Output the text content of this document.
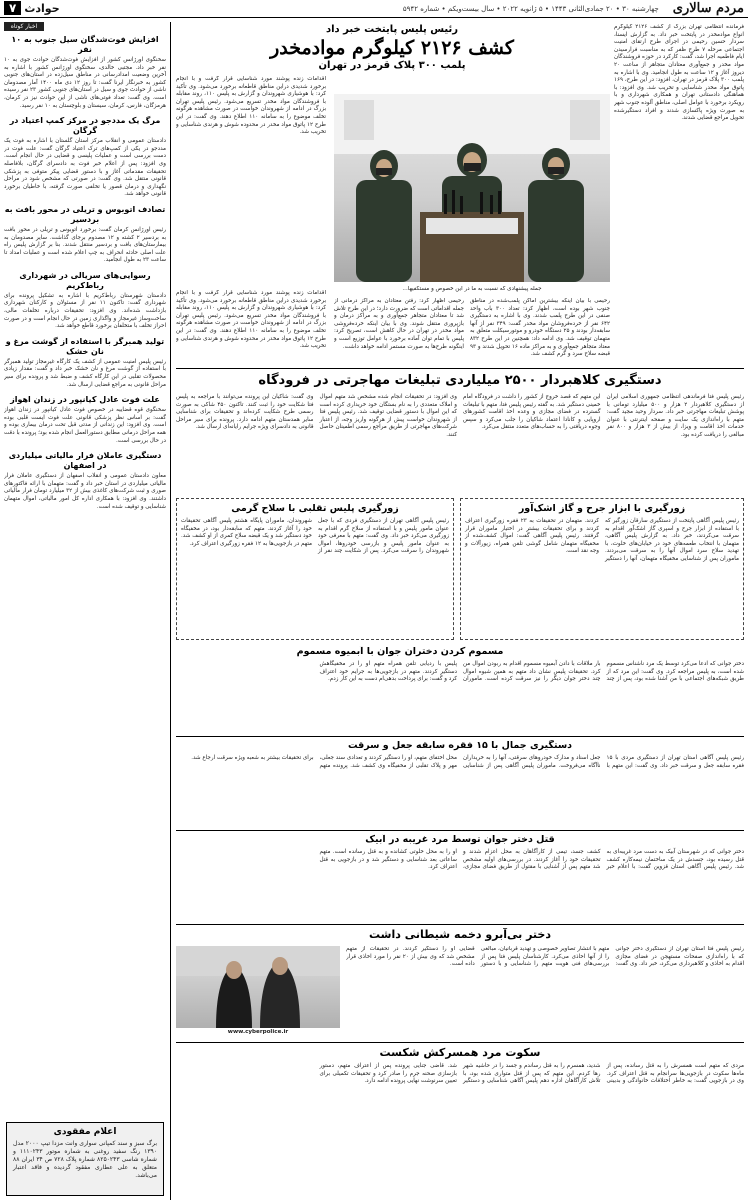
مردم سالاری
چهارشنبه ۳۰ • ۲۰ جمادی‌الثانی ۱۴۴۳ • ۵ ژانویه ۲۰۲۲ • سال بیست‌ویکم • شماره ۵۹۴۲
حوادث
۷
اخبار کوتاه
افزایش فوت‌شدگان سیل جنوب به ۱۰ نفر
سخنگوی اورژانس کشور از افزایش فوت‌شدگان حوادث جوی به ۱۰ نفر خبر داد. مجتبی خالدی، سخنگوی اورژانس کشور با اشاره به آخرین وضعیت امدادرسانی در مناطق سیل‌زده در استان‌های جنوبی کشور به خبرنگار ایرنا گفت: تا روز ۱۲ دی ماه ۱۴۰۰ آمار مصدومان ناشی از حوادث جوی و سیل در استان‌های جنوبی کشور ۲۳ نفر رسیده است. وی گفت: تعداد فوتی‌های ناشی از این حوادث نیز در کرمان، هرمزگان، فارس، کرمان، سیستان و بلوچستان به ۱۰ نفر رسید.
مرگ یک مددجو در مرکز کمپ اعتیاد در گرگان
دادستان عمومی و انقلاب مرکز استان گلستان با اشاره به فوت یک مددجو در یکی از کمپ‌های ترک اعتیاد گرگان گفت: علت فوت در دست بررسی است و عملیات پلیسی و قضایی در حال انجام است. وی افزود: پس از اعلام خبر فوت به دادسرای گرگان، بلافاصله تحقیقات مقدماتی آغاز و با دستور قضایی پیکر متوفی به پزشکی قانونی منتقل شد. وی گفت: در صورتی که مشخص شود در مراحل نگهداری و درمان قصور یا تخلفی صورت گرفته، با خاطیان برخورد قانونی خواهد شد.
تصادف اتوبوس و تریلی در محور بافت به بردسیر
رئیس اورژانس کرمان گفت: برخورد اتوبوس و تریلی در محور بافت به بردسیر ۲ کشته و ۱۲ مصدوم برجای گذاشت. سایر مصدومان به بیمارستان‌های بافت و بردسیر منتقل شدند. بنا بر گزارش پلیس راه علت اصلی حادثه انحراف به چپ اعلام شده است و عملیات امداد تا ساعت ۲۳ به طول انجامید.
رسوایی‌های سریالی در شهرداری رباط‌کریم
دادستان شهرستان رباط‌کریم با اشاره به تشکیل پرونده برای شهرداری گفت: تاکنون ۱۱ نفر از مسئولان و کارکنان شهرداری بازداشت شده‌اند. وی افزود: تحقیقات درباره تخلفات مالی، ساخت‌وساز غیرمجاز و واگذاری زمین در حال انجام است و در صورت احراز تخلف با متخلفان برخورد قاطع خواهد شد.
تولید همبرگر با استفاده از گوشت مرغ و نان خشک
رئیس پلیس امنیت عمومی از کشف یک کارگاه غیرمجاز تولید همبرگر با استفاده از گوشت مرغ و نان خشک خبر داد و گفت: مقدار زیادی محصولات تقلبی در این کارگاه کشف و ضبط شد و پرونده برای سیر مراحل قانونی به مراجع قضایی ارسال شد.
علت فوت عادل کیانپور در زندان اهواز
سخنگوی قوه قضاییه در خصوص فوت عادل کیانپور در زندان اهواز گفت: بر اساس نظر پزشکی قانونی علت فوت ایست قلبی بوده است. وی افزود: این زندانی از مدتی قبل تحت درمان بیماری بوده و همه مراحل درمانی مطابق دستورالعمل انجام شده بود؛ پرونده با دقت در حال بررسی است.
دستگیری عاملان فرار مالیاتی میلیاردی در اصفهان
معاون دادستان عمومی و انقلاب اصفهان از دستگیری عاملان فرار مالیاتی میلیاردی در استان خبر داد و گفت: متهمان با ارائه فاکتورهای صوری و ثبت شرکت‌های کاغذی بیش از ۳۲ میلیارد تومان فرار مالیاتی داشتند. وی افزود: با همکاری اداره کل امور مالیاتی، اموال متهمان شناسایی و توقیف شده است.
اعلام مفقودی
برگ سبز و سند کمپانی سواری وانت مزدا تیپ ۲۰۰۰ مدل ۱۳۹۰ رنگ سفید روغنی به شماره موتور ۱۱۱۰۲۴۳ و شماره شاسی ۸۲۵۰۲۴۳ شماره پلاک ۷۲۸ ص ۳۴ ایران ۸۸ متعلق به علی عطاری مفقود گردیده و فاقد اعتبار می‌باشد.
فرمانده انتظامی تهران بزرگ از کشف ۲۱۲۶ کیلوگرم انواع موادمخدر در پایتخت خبر داد. به گزارش ایسنا، سردار حسین رحیمی در اجرای طرح ارتقای امنیت اجتماعی مرحله ۷ طرح ظفر که به مناسبت فرارسیدن ایام فاطمیه اجرا شد، گفت: کارکرد در حوزه فروشندگان مواد مخدر و جمع‌آوری معتادان متجاهر از ساعت ۲۰ دیروز آغاز و ۱۲ ساعت به طول انجامید. وی با اشاره به پلمب ۳۰۰ پلاک قرمز در تهران، افزود: در این طرح، ۱۶۹ پاتوق مواد مخدر شناسایی و تخریب شد. وی افزود: با هماهنگی دادستانی تهران و همکاری شهرداری و با رویکرد برخورد با عوامل اصلی، مناطق آلوده جنوب شهر به صورت ویژه پاکسازی شدند و افراد دستگیرشده تحویل مراجع قضایی شدند.
رئیس پلیس پایتخت خبر داد
کشف ۲۱۲۶ کیلوگرم موادمخدر
پلمب ۳۰۰ پلاک قرمز در تهران
اقدامات زنده پوشند مورد شناسایی قرار گرفت و با انجام برخورد شدیدی دراین مناطق قاطعانه برخورد می‌شود. وی تأکید کرد: با هوشیاری شهروندان و گزارش به پلیس ۱۱۰، روند مقابله با فروشندگان مواد مخدر تسریع می‌شود. رئیس پلیس تهران بزرگ در ادامه از شهروندان خواست در صورت مشاهده هرگونه تخلف موضوع را به سامانه ۱۱۰ اطلاع دهند. وی گفت: در این طرح ۱۲ پاتوق مواد مخدر در محدوده شوش و هرندی شناسایی و تخریب شد.
جمله پیشنهادی که نسبت به ما در این خصوص و مستکفیها...
رحیمی با بیان اینکه بیشترین اماکن پلمب‌شده در مناطق جنوب شهر بوده است، اظهار کرد: تعداد ۳۰۰ باب واحد صنفی در این طرح پلمب شدند. وی با اشاره به دستگیری ۶۴۲ نفر از خرده‌فروشان مواد مخدر گفت: ۳۴۹ نفر از آنها سابقه‌دار بودند و ۲۵ دستگاه خودرو و موتورسیکلت متعلق به متهمان توقیف شد. وی ادامه داد: همچنین در این طرح ۸۳۲ معتاد متجاهر جمع‌آوری و به مراکز ماده ۱۶ تحویل شدند و ۹۳ قبضه سلاح سرد و گرم کشف شد.
رحیمی اظهار کرد: رفتن معتادان به مراکز درمانی از جمله اقداماتی است که ضرورت دارد؛ در این طرح تلاش شد تا معتادان متجاهر جمع‌آوری و به مراکز درمان و بازپروری منتقل شوند. وی با بیان اینکه خرده‌فروشی مواد مخدر در تهران در حال کاهش است، تصریح کرد: پلیس با تمام توان آماده برخورد با عوامل توزیع است و اینگونه طرح‌ها به صورت مستمر ادامه خواهد داشت.
اقدامات زنده پوشند مورد شناسایی قرار گرفت و با انجام برخورد شدیدی دراین مناطق قاطعانه برخورد می‌شود. وی تأکید کرد: با هوشیاری شهروندان و گزارش به پلیس ۱۱۰، روند مقابله با فروشندگان مواد مخدر تسریع می‌شود. رئیس پلیس تهران بزرگ در ادامه از شهروندان خواست در صورت مشاهده هرگونه تخلف موضوع را به سامانه ۱۱۰ اطلاع دهند. وی گفت: در این طرح ۱۲ پاتوق مواد مخدر در محدوده شوش و هرندی شناسایی و تخریب شد.
دستگیری کلاهبردار ۲۵۰۰ میلیاردی تبلیغات مهاجرتی در فرودگاه
رئیس پلیس فتا فرماندهی انتظامی جمهوری اسلامی ایران از دستگیری کلاهبردار ۲ هزار و ۵۰۰ میلیارد تومانی با پوشش تبلیغات مهاجرتی خبر داد. سردار وحید مجید گفت: متهم با راه‌اندازی یک سایت و صفحه اینترنتی با عنوان خدمات اخذ اقامت و ویزا، از بیش از ۳ هزار و ۸۰۰ نفر مبالغی را دریافت کرده بود.
این متهم که قصد خروج از کشور را داشت در فرودگاه امام خمینی دستگیر شد. به گفته رئیس پلیس فتا، متهم با تبلیغات گسترده در فضای مجازی و وعده اخذ اقامت کشورهای اروپایی و کانادا اعتماد شاکیان را جلب می‌کرد و سپس وجوه دریافتی را به حساب‌های متعدد منتقل می‌کرد.
وی افزود: در تحقیقات انجام شده مشخص شد متهم اموال و املاک متعددی را به نام بستگان خود خریداری کرده است که این اموال با دستور قضایی توقیف شد. رئیس پلیس فتا از شهروندان خواست پیش از هرگونه واریز وجه، از اعتبار شرکت‌های مهاجرتی از طریق مراجع رسمی اطمینان حاصل کنند.
وی گفت: شاکیان این پرونده می‌توانند با مراجعه به پلیس فتا شکایت خود را ثبت کنند. تاکنون ۴۵۰ شاکی به صورت رسمی طرح شکایت کرده‌اند و تحقیقات برای شناسایی سایر همدستان متهم ادامه دارد. پرونده برای سیر مراحل قانونی به دادسرای ویژه جرایم رایانه‌ای ارسال شد.
زورگیری با ابزار جرح و گاز اشک‌آور
رئیس پلیس آگاهی پایتخت از دستگیری سارقان زورگیر که با استفاده از ابزار جرح و اسپری گاز اشک‌آور اقدام به سرقت می‌کردند، خبر داد. به گزارش پلیس آگاهی، متهمان با انتخاب طعمه‌های خود در خیابان‌های خلوت، با تهدید سلاح سرد اموال آنها را به سرقت می‌بردند. ماموران پس از شناسایی مخفیگاه متهمان، آنها را دستگیر کردند. متهمان در تحقیقات به ۲۳ فقره زورگیری اعتراف کردند و برای تحقیقات بیشتر در اختیار ماموران قرار گرفتند. رئیس پلیس آگاهی گفت: اموال کشف‌شده از مخفیگاه متهمان شامل گوشی تلفن همراه، زیورآلات و وجه نقد است.
زورگیری پلیس تقلبی با سلاح گرمی
رئیس پلیس آگاهی تهران از دستگیری فردی که با جعل عنوان مامور پلیس و با استفاده از سلاح گرم اقدام به زورگیری می‌کرد خبر داد. وی گفت: متهم با معرفی خود به عنوان مامور پلیس و بازرسی خودروها، اموال شهروندان را سرقت می‌کرد. پس از شکایت چند نفر از شهروندان، ماموران پایگاه هشتم پلیس آگاهی تحقیقات خود را آغاز کردند. متهم که سابقه‌دار بود، در مخفیگاه خود دستگیر شد و یک قبضه سلاح کمری از او کشف شد. متهم در بازجویی‌ها به ۱۲ فقره زورگیری اعتراف کرد.
مسموم کردن دختران جوان با آبمیوه مسموم
دختر جوانی که ادعا می‌کرد توسط یک مرد ناشناس مسموم شده است، به پلیس مراجعه کرد. وی گفت: این مرد که از طریق شبکه‌های اجتماعی با من آشنا شده بود، پس از چند بار ملاقات با دادن آبمیوه مسموم اقدام به ربودن اموال من کرد. تحقیقات پلیس نشان داد متهم به همین شیوه اموال چند دختر جوان دیگر را نیز سرقت کرده است. ماموران پلیس با ردیابی تلفن همراه متهم او را در مخفیگاهش دستگیر کردند. متهم در بازجویی‌ها به جرایم خود اعتراف کرد و گفت: برای پرداخت بدهی‌ام دست به این کار زدم.
دستگیری جمال با ۱۵ فقره سابقه جعل و سرقت
رئیس پلیس آگاهی استان تهران از دستگیری مردی با ۱۵ فقره سابقه جعل و سرقت خبر داد. وی گفت: این متهم با جعل اسناد و مدارک خودروهای سرقتی، آنها را به خریداران ناآگاه می‌فروخت. ماموران پلیس آگاهی پس از شناسایی محل اختفای متهم، او را دستگیر کردند و تعدادی سند جعلی، مهر و پلاک تقلبی از مخفیگاه وی کشف شد. پرونده متهم برای تحقیقات بیشتر به شعبه ویژه سرقت ارجاع شد.
قتل دختر جوان توسط مرد غریبه در آبیک
دختر جوانی که در شهرستان آبیک به دست مرد غریبه‌ای به قتل رسیده بود، جسدش در یک ساختمان نیمه‌کاره کشف شد. رئیس پلیس آگاهی استان قزوین گفت: با اعلام خبر کشف جسد، تیمی از کارآگاهان به محل اعزام شدند و تحقیقات خود را آغاز کردند. در بررسی‌های اولیه مشخص شد متهم پس از آشنایی با مقتول از طریق فضای مجازی، او را به محل خلوتی کشانده و به قتل رسانده است. متهم ساعاتی بعد شناسایی و دستگیر شد و در بازجویی به قتل اعتراف کرد.
دختر بی‌آبرو دخمه شیطانی داشت
رئیس پلیس فتا استان تهران از دستگیری دختر جوانی که با راه‌اندازی صفحات مستهجن در فضای مجازی اقدام به اخاذی و کلاهبرداری می‌کرد، خبر داد. وی گفت: متهم با انتشار تصاویر خصوصی و تهدید قربانیان، مبالغی را از آنها اخاذی می‌کرد. کارشناسان پلیس فتا پس از بررسی‌های فنی هویت متهم را شناسایی و با دستور قضایی او را دستگیر کردند. در تحقیقات از متهم مشخص شد که وی بیش از ۲۰ نفر را مورد اخاذی قرار داده است.
www.cyberpolice.ir
سکوت مرد همسرکش شکست
مردی که متهم است همسرش را به قتل رسانده، پس از ماه‌ها سکوت در بازجویی‌ها سرانجام به قتل اعتراف کرد. وی در بازجویی گفت: به خاطر اختلافات خانوادگی و بدبینی شدید، همسرم را به قتل رساندم و جسد را در حاشیه شهر رها کردم. این متهم که پس از قتل متواری شده بود، با تلاش کارآگاهان اداره دهم پلیس آگاهی شناسایی و دستگیر شد. قاضی جنایی پرونده پس از اعتراف متهم، دستور بازسازی صحنه جرم را صادر کرد و تحقیقات تکمیلی برای تعیین سرنوشت نهایی پرونده ادامه دارد.
